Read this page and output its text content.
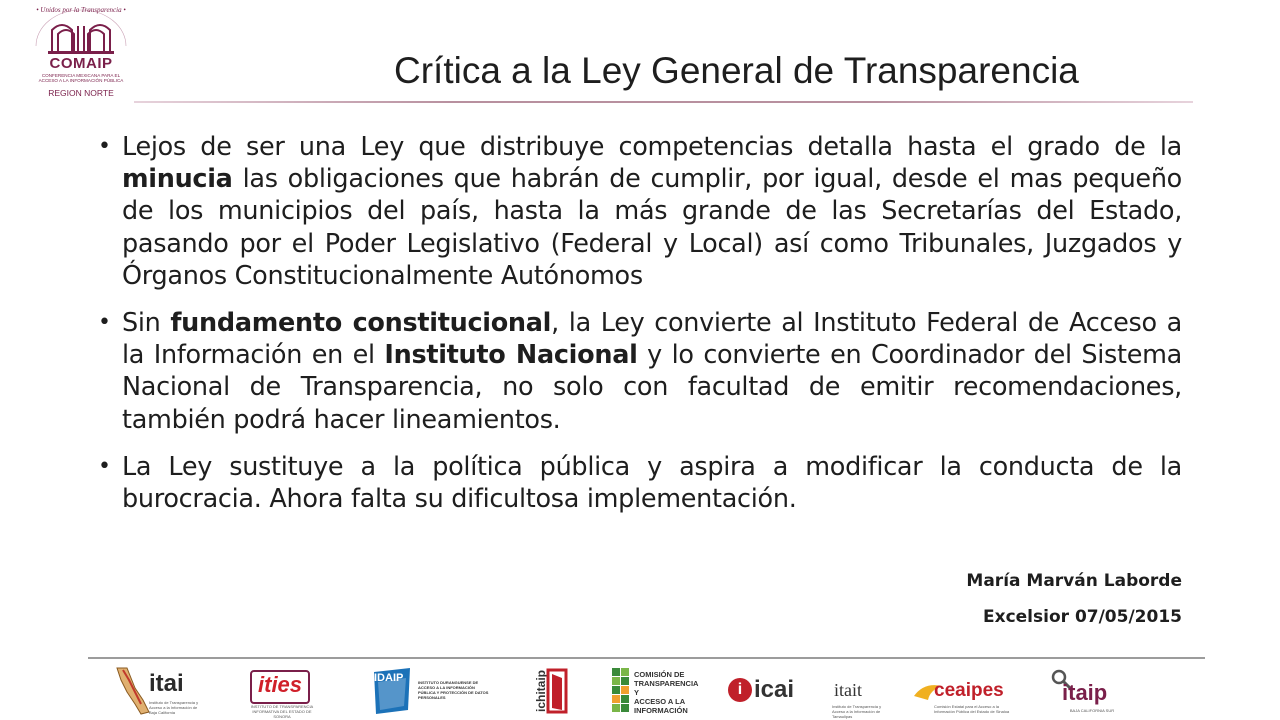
• Unidos por la Transparencia •
COMAIP
CONFERENCIA MEXICANA PARA EL ACCESO A LA INFORMACIÓN PÚBLICA
REGION NORTE
Crítica a la Ley General de Transparencia
• Lejos de ser una Ley que distribuye competencias detalla hasta el grado de la minucia las obligaciones que habrán de cumplir, por igual, desde el mas pequeño de los municipios del país, hasta la más grande de las Secretarías del Estado, pasando por el Poder Legislativo (Federal y Local) así como Tribunales, Juzgados y Órganos Constitucionalmente Autónomos
• Sin fundamento constitucional, la Ley convierte al Instituto Federal de Acceso a la Información en el Instituto Nacional y lo convierte en Coordinador del Sistema Nacional de Transparencia, no solo con facultad de emitir recomendaciones, también podrá hacer lineamientos.
• La Ley sustituye a la política pública y aspira a modificar la conducta de la burocracia. Ahora falta su dificultosa implementación.
María Marván Laborde
Excelsior 07/05/2015
itai
Instituto de Transparencia y Acceso a la Información de Baja California
ities
INSTITUTO DE TRANSPARENCIA INFORMATIVA DEL ESTADO DE SONORA
IDAIP	INSTITUTO DURANGUENSE DE ACCESO A LA INFORMACIÓN PÚBLICA Y PROTECCIÓN DE DATOS PERSONALES	ichitaip	COMISIÓN DE
TRANSPARENCIA Y
ACCESO A LA
INFORMACIÓN
i icai itait
Instituto de Transparencia y Acceso a la Información de Tamaulipas
ceaipes
Comisión Estatal para el Acceso a la Información Pública del Estado de Sinaloa
itaip
BAJA CALIFORNIA SUR
